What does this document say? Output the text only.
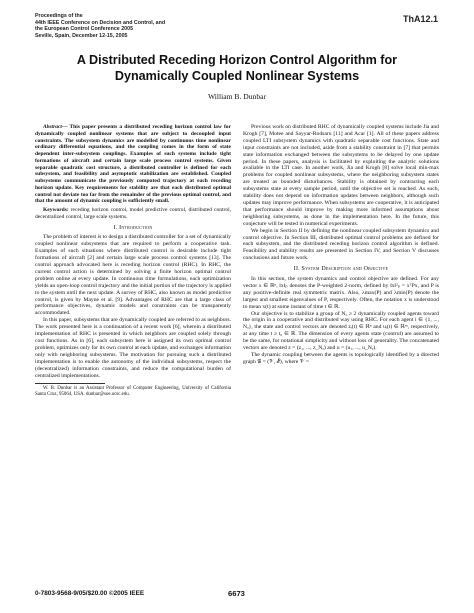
Proceedings of the
44th IEEE Conference on Decision and Control, and
the European Control Conference 2005
Seville, Spain, December 12-15, 2005
ThA12.1
A Distributed Receding Horizon Control Algorithm for
Dynamically Coupled Nonlinear Systems
William B. Dunbar

Abstract— This paper presents a distributed receding horizon control law for dynamically coupled nonlinear systems that are subject to decoupled input constraints. The subsystem dynamics are modelled by continuous time nonlinear ordinary differential equations, and the coupling comes in the form of state dependent inter-subsystem couplings. Examples of such systems include tight formations of aircraft and certain large scale process control systems. Given separable quadratic cost structure, a distributed controller is defined for each subsystem, and feasibility and asymptotic stabilization are established. Coupled subsystems communicate the previously computed trajectory at each receding horizon update. Key requirements for stability are that each distributed optimal control not deviate too far from the remainder of the previous optimal control, and that the amount of dynamic coupling is sufficiently small.

Keywords: receding horizon control, model predictive control, distributed control, decentralized control, large scale systems.

I. Introduction

The problem of interest is to design a distributed controller for a set of dynamically coupled nonlinear subsystems that are required to perform a cooperative task. Examples of such situations where distributed control is desirable include tight formations of aircraft [2] and certain large scale process control systems [13]. The control approach advocated here is receding horizon control (RHC). In RHC, the current control action is determined by solving a finite horizon optimal control problem online at every update. In continuous time formulations, each optimization yields an open-loop control trajectory and the initial portion of the trajectory is applied to the system until the next update. A survey of RHC, also known as model predictive control, is given by Mayne et al. [9]. Advantages of RHC are that a large class of performance objectives, dynamic models and constraints can be transparently accommodated.

In this paper, subsystems that are dynamically coupled are referred to as neighbors. The work presented here is a continuation of a recent work [6], wherein a distributed implementation of RHC is presented in which neighbors are coupled solely through cost functions. As in [6], each subsystem here is assigned its own optimal control problem, optimizes only for its own control at each update, and exchanges information only with neighboring subsystems. The motivation for pursuing such a distributed implementation is to enable the autonomy of the individual subsystems, respect the (decentralized) information constraints, and reduce the computational burden of centralized implementations.

W. B. Dunbar is an Assistant Professor of Computer Engineering, University of California Santa Cruz, 95064, USA. dunbar@soe.ucsc.edu.

Previous work on distributed RHC of dynamically coupled systems include Jia and Krogh [7], Motee and Sayyar-Rodsaru [11] and Acar [1]. All of these papers address coupled LTI subsystem dynamics with quadratic separable cost functions. State and input constraints are not included, aside from a stability constraint in [7] that permits state information exchanged between the subsystems to be delayed by one update period. In these papers, analysis is facilitated by exploiting the analytic solutions available in the LTI case. In another work, Jia and Krogh [8] solve local min-max problems for coupled nonlinear subsystems, where the neighboring subsystem states are treated as bounded disturbances. Stability is obtained by contracting each subsystems state at every sample period, until the objective set is reached. As such, stability does not depend on information updates between neighbors, although such updates may improve performance. When subsystems are cooperative, it is anticipated that performance should improve by making more informed assumptions about neighboring subsystems, as done in the implementation here. In the future, this conjecture will be tested in numerical experiments.

We begin in Section II by defining the nonlinear coupled subsystem dynamics and control objective. In Section III, distributed optimal control problems are defined for each subsystem, and the distributed receding horizon control algorithm is defined. Feasibility and stability results are presented in Section IV, and Section V discusses conclusions and future work.

II. System Description and Objective

In this section, the system dynamics and control objective are defined. For any vector x ∈ ℝⁿ, ‖x‖ₚ denotes the P-weighted 2-norm, defined by ‖x‖²ₚ = xᵀPx, and P is any positive-definite real symmetric matrix. Also, λmax(P) and λmin(P) denote the largest and smallest eigenvalues of P, respectively. Often, the notation x is understood to mean x(t) at some instant of time t ∈ ℝ.

Our objective is to stabilize a group of Nₐ ≥ 2 dynamically coupled agents toward the origin in a cooperative and distributed way using RHC. For each agent i ∈ {1, ..., Nₐ}, the state and control vectors are denoted zᵢ(t) ∈ ℝⁿ and uᵢ(t) ∈ ℝᵐ, respectively, at any time t ≥ t₀ ∈ ℝ. The dimension of every agents state (control) are assumed to be the same, for notational simplicity and without loss of generality. The concatenated vectors are denoted z = (z₁, ..., z_Nₐ) and u = (u₁, ..., u_Nₐ).

The dynamic coupling between the agents is topologically identified by a directed graph 𝒢 = (𝒱, ℰ), where 𝒱 =

0-7803-9568-9/05/$20.00 ©2005 IEEE	6673
